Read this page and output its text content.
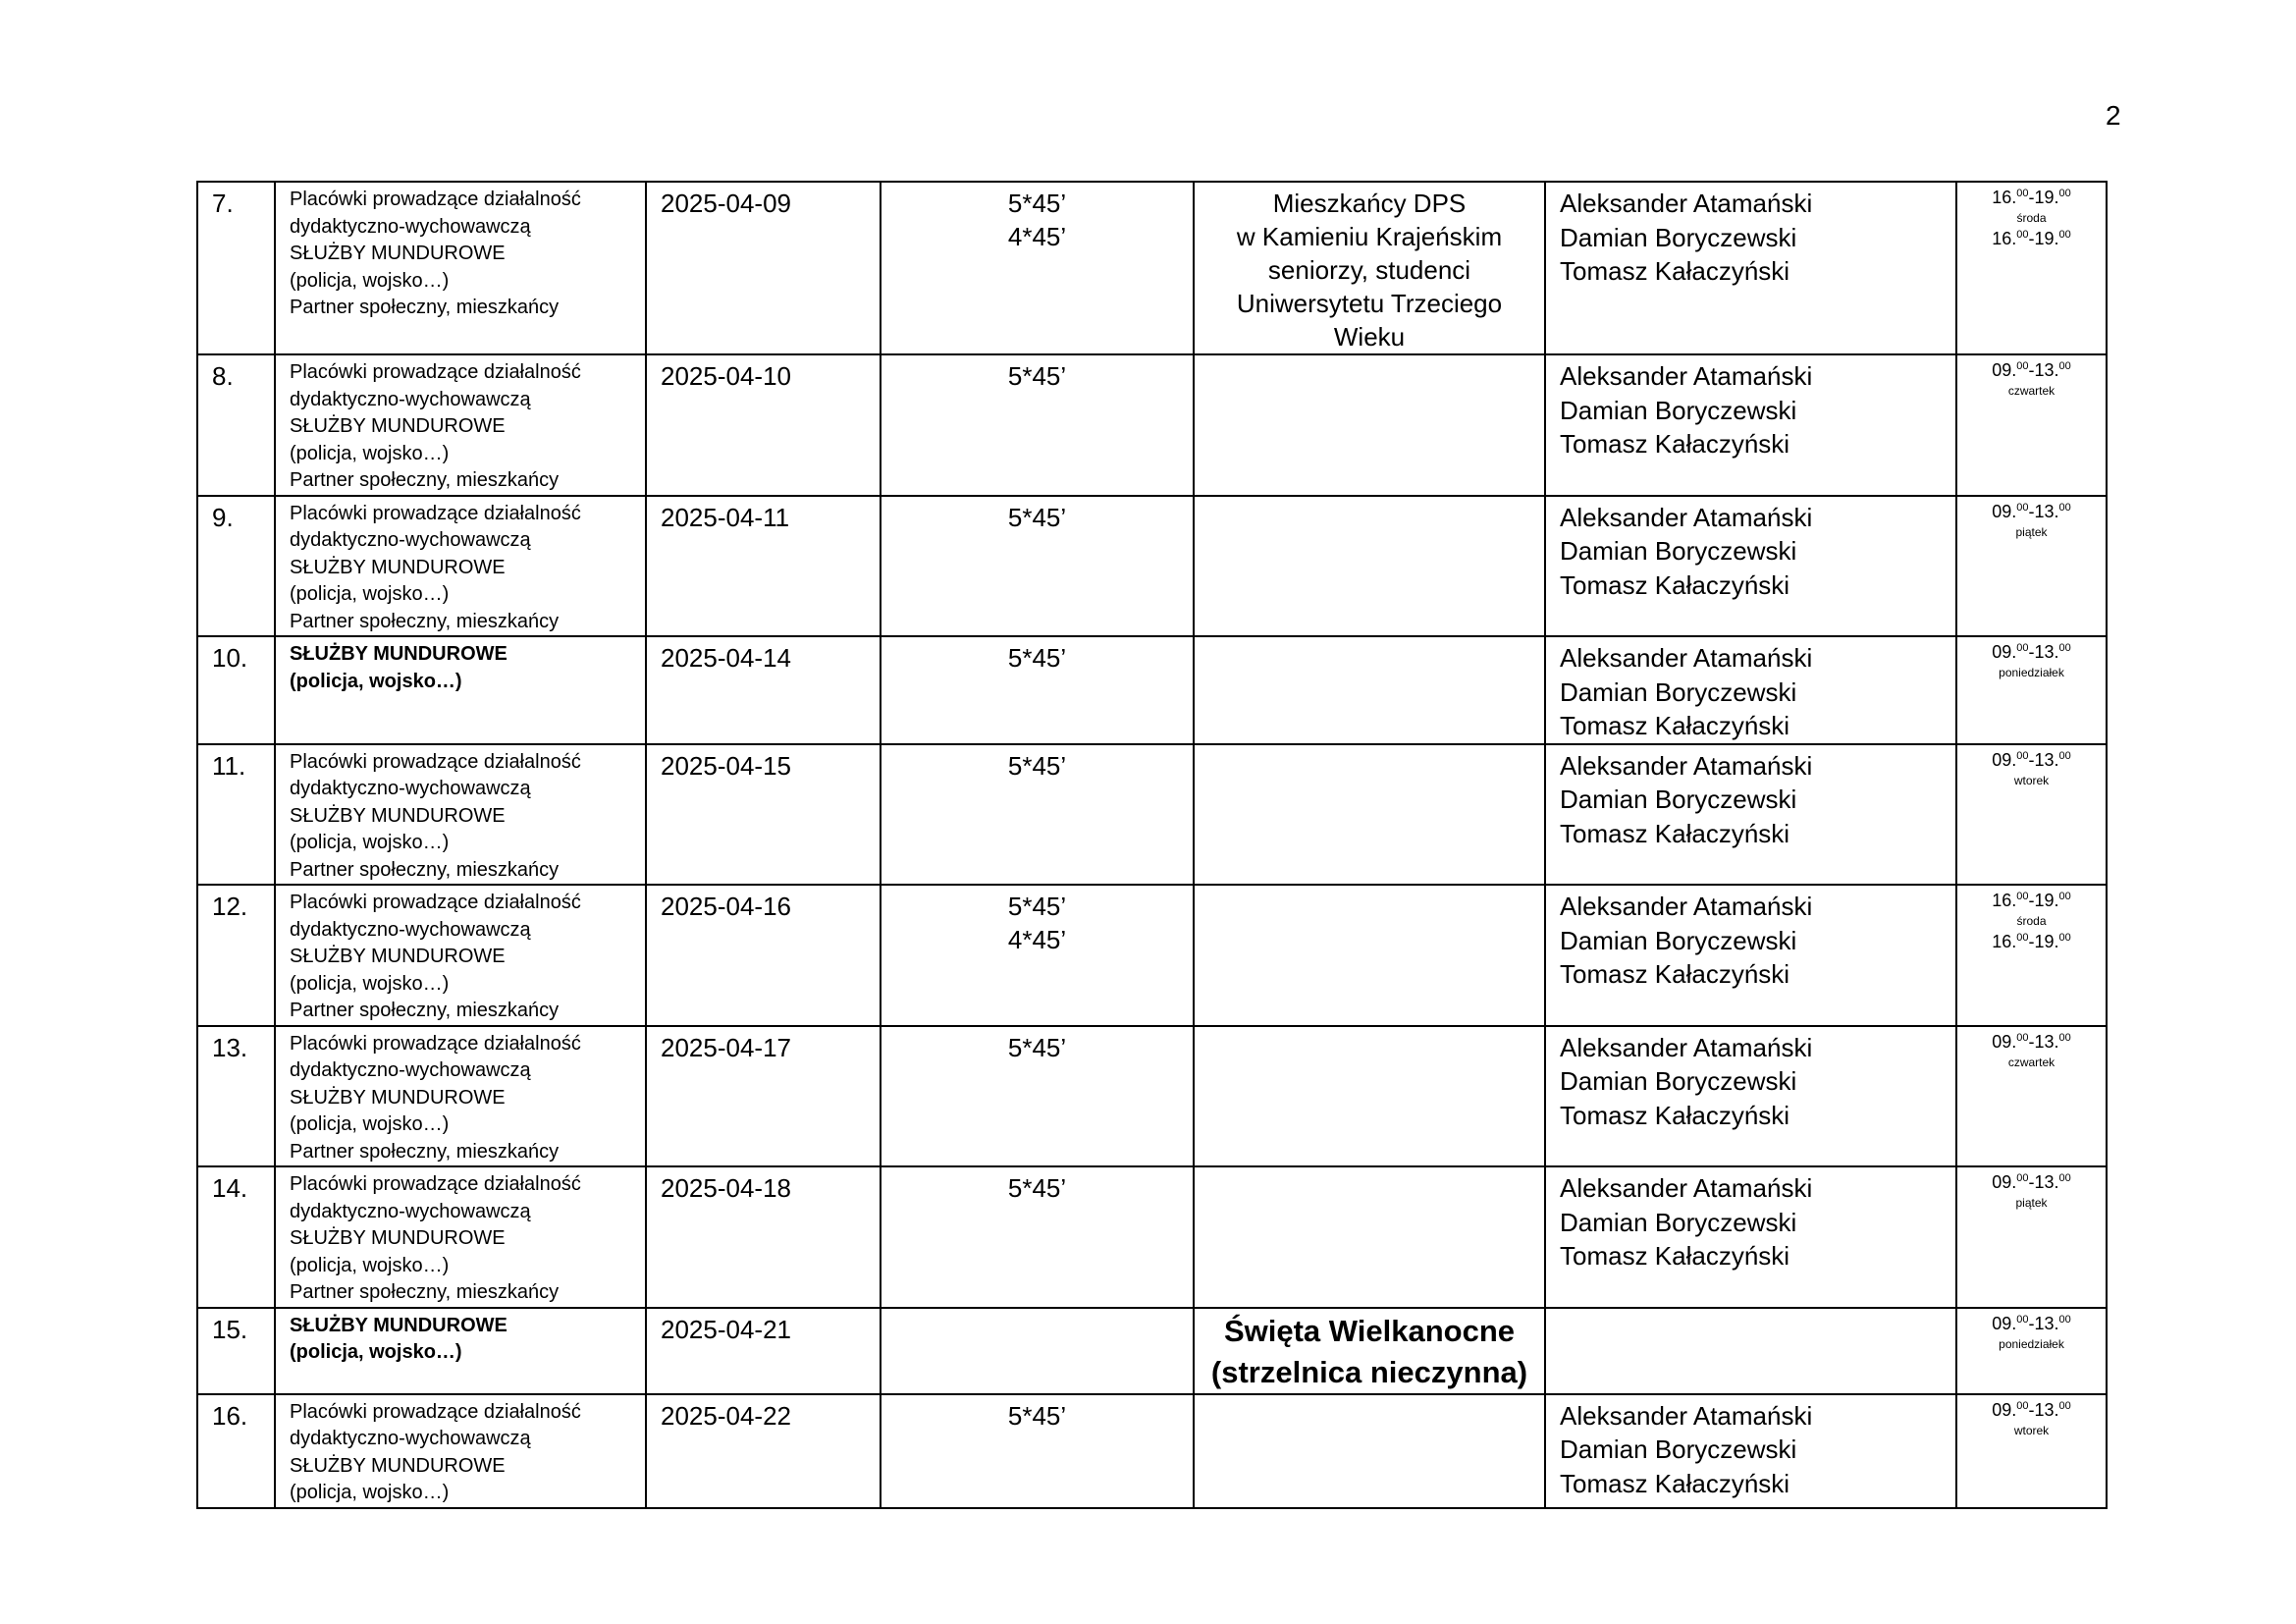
2
7.	Placówki prowadzące działalność
dydaktyczno-wychowawczą
SŁUŻBY MUNDUROWE
(policja, wojsko…)
Partner społeczny, mieszkańcy	2025-04-09	5*45’
4*45’	Mieszkańcy DPS
w Kamieniu Krajeńskim
seniorzy, studenci
Uniwersytetu Trzeciego
Wieku	Aleksander Atamański
Damian Boryczewski
Tomasz Kałaczyński	16.00-19.00
środa
16.00-19.00

8.	Placówki prowadzące działalność
dydaktyczno-wychowawczą
SŁUŻBY MUNDUROWE
(policja, wojsko…)
Partner społeczny, mieszkańcy	2025-04-10	5*45’		Aleksander Atamański
Damian Boryczewski
Tomasz Kałaczyński	09.00-13.00
czwartek

9.	Placówki prowadzące działalność
dydaktyczno-wychowawczą
SŁUŻBY MUNDUROWE
(policja, wojsko…)
Partner społeczny, mieszkańcy	2025-04-11	5*45’		Aleksander Atamański
Damian Boryczewski
Tomasz Kałaczyński	09.00-13.00
piątek

10.	SŁUŻBY MUNDUROWE
(policja, wojsko…)	2025-04-14	5*45’		Aleksander Atamański
Damian Boryczewski
Tomasz Kałaczyński	09.00-13.00
poniedziałek

11.	Placówki prowadzące działalność
dydaktyczno-wychowawczą
SŁUŻBY MUNDUROWE
(policja, wojsko…)
Partner społeczny, mieszkańcy	2025-04-15	5*45’		Aleksander Atamański
Damian Boryczewski
Tomasz Kałaczyński	09.00-13.00
wtorek

12.	Placówki prowadzące działalność
dydaktyczno-wychowawczą
SŁUŻBY MUNDUROWE
(policja, wojsko…)
Partner społeczny, mieszkańcy	2025-04-16	5*45’
4*45’		Aleksander Atamański
Damian Boryczewski
Tomasz Kałaczyński	16.00-19.00
środa
16.00-19.00

13.	Placówki prowadzące działalność
dydaktyczno-wychowawczą
SŁUŻBY MUNDUROWE
(policja, wojsko…)
Partner społeczny, mieszkańcy	2025-04-17	5*45’		Aleksander Atamański
Damian Boryczewski
Tomasz Kałaczyński	09.00-13.00
czwartek

14.	Placówki prowadzące działalność
dydaktyczno-wychowawczą
SŁUŻBY MUNDUROWE
(policja, wojsko…)
Partner społeczny, mieszkańcy	2025-04-18	5*45’		Aleksander Atamański
Damian Boryczewski
Tomasz Kałaczyński	09.00-13.00
piątek

15.	SŁUŻBY MUNDUROWE
(policja, wojsko…)	2025-04-21		Święta Wielkanocne
(strzelnica nieczynna)		09.00-13.00
poniedziałek

16.	Placówki prowadzące działalność
dydaktyczno-wychowawczą
SŁUŻBY MUNDUROWE
(policja, wojsko…)	2025-04-22	5*45’		Aleksander Atamański
Damian Boryczewski
Tomasz Kałaczyński	09.00-13.00
wtorek
